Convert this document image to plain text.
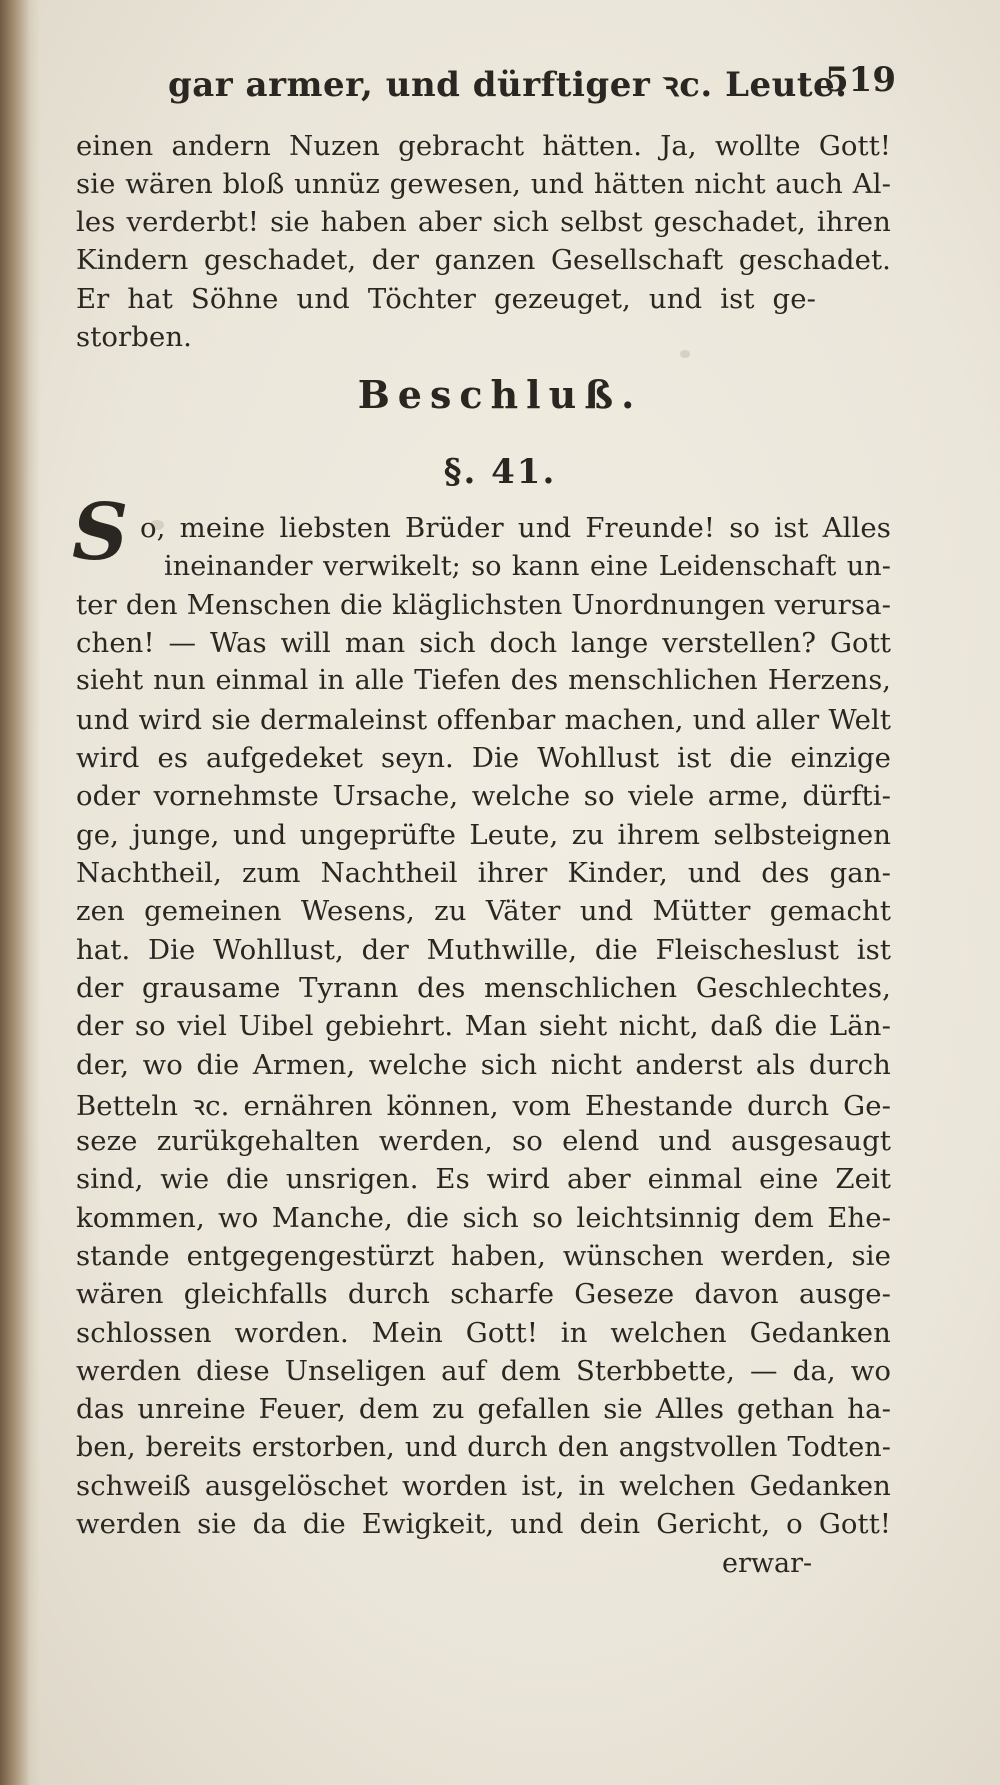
gar armer, und dürftiger ꝛc. Leute.
519
einen andern Nuzen gebracht hätten. Ja, wollte Gott!
sie wären bloß unnüz gewesen, und hätten nicht auch Al-
les verderbt! sie haben aber sich selbst geschadet, ihren
Kindern geschadet, der ganzen Gesellschaft geschadet.
Er hat Söhne und Töchter gezeuget, und ist ge-
storben.
Beschluß.
§. 41.
S o, meine liebsten Brüder und Freunde! so ist Alles
ineinander verwikelt; so kann eine Leidenschaft un-
ter den Menschen die kläglichsten Unordnungen verursa-
chen! — Was will man sich doch lange verstellen? Gott
sieht nun einmal in alle Tiefen des menschlichen Herzens,
und wird sie dermaleinst offenbar machen, und aller Welt
wird es aufgedeket seyn. Die Wohllust ist die einzige
oder vornehmste Ursache, welche so viele arme, dürfti-
ge, junge, und ungeprüfte Leute, zu ihrem selbsteignen
Nachtheil, zum Nachtheil ihrer Kinder, und des gan-
zen gemeinen Wesens, zu Väter und Mütter gemacht
hat. Die Wohllust, der Muthwille, die Fleischeslust ist
der grausame Tyrann des menschlichen Geschlechtes,
der so viel Uibel gebiehrt. Man sieht nicht, daß die Län-
der, wo die Armen, welche sich nicht anderst als durch
Betteln ꝛc. ernähren können, vom Ehestande durch Ge-
seze zurükgehalten werden, so elend und ausgesaugt
sind, wie die unsrigen. Es wird aber einmal eine Zeit
kommen, wo Manche, die sich so leichtsinnig dem Ehe-
stande entgegengestürzt haben, wünschen werden, sie
wären gleichfalls durch scharfe Geseze davon ausge-
schlossen worden. Mein Gott! in welchen Gedanken
werden diese Unseligen auf dem Sterbbette, — da, wo
das unreine Feuer, dem zu gefallen sie Alles gethan ha-
ben, bereits erstorben, und durch den angstvollen Todten-
schweiß ausgelöschet worden ist, in welchen Gedanken
werden sie da die Ewigkeit, und dein Gericht, o Gott!
erwar-
